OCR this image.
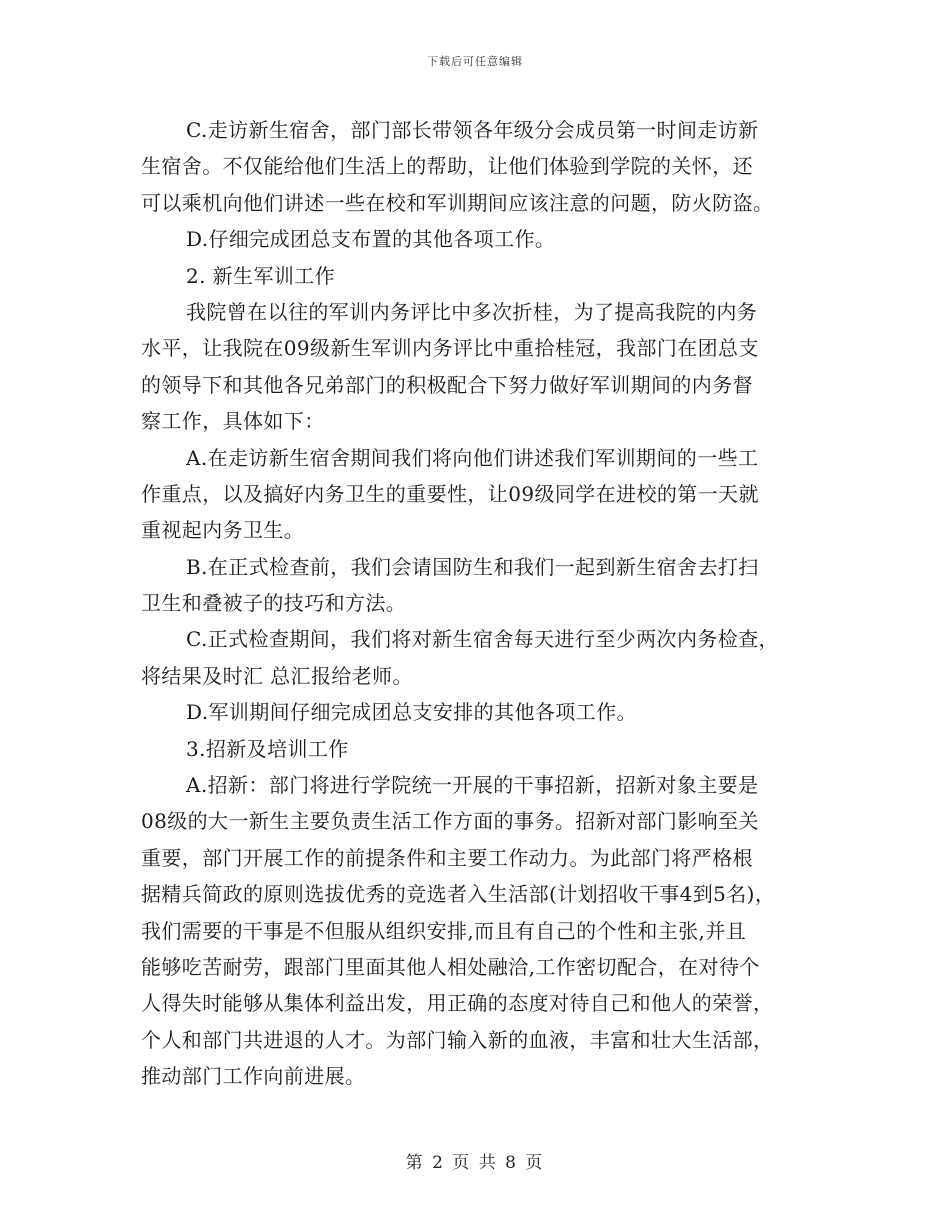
下载后可任意编辑
C.走访新生宿舍，部门部长带领各年级分会成员第一时间走访新
生宿舍。不仅能给他们生活上的帮助，让他们体验到学院的关怀，还
可以乘机向他们讲述一些在校和军训期间应该注意的问题，防火防盗。
D.仔细完成团总支布置的其他各项工作。
2. 新生军训工作
我院曾在以往的军训内务评比中多次折桂，为了提高我院的内务
水平，让我院在09级新生军训内务评比中重拾桂冠，我部门在团总支
的领导下和其他各兄弟部门的积极配合下努力做好军训期间的内务督
察工作，具体如下：
A.在走访新生宿舍期间我们将向他们讲述我们军训期间的一些工
作重点，以及搞好内务卫生的重要性，让09级同学在进校的第一天就
重视起内务卫生。
B.在正式检查前，我们会请国防生和我们一起到新生宿舍去打扫
卫生和叠被子的技巧和方法。
C.正式检查期间，我们将对新生宿舍每天进行至少两次内务检查，
将结果及时汇 总汇报给老师。
D.军训期间仔细完成团总支安排的其他各项工作。
3.招新及培训工作
A.招新：部门将进行学院统一开展的干事招新，招新对象主要是
08级的大一新生主要负责生活工作方面的事务。招新对部门影响至关
重要，部门开展工作的前提条件和主要工作动力。为此部门将严格根
据精兵简政的原则选拔优秀的竞选者入生活部(计划招收干事4到5名)，
我们需要的干事是不但服从组织安排,而且有自己的个性和主张,并且
能够吃苦耐劳，跟部门里面其他人相处融洽,工作密切配合，在对待个
人得失时能够从集体利益出发，用正确的态度对待自己和他人的荣誉，
个人和部门共进退的人才。为部门输入新的血液，丰富和壮大生活部，
推动部门工作向前进展。
第 2 页 共 8 页
